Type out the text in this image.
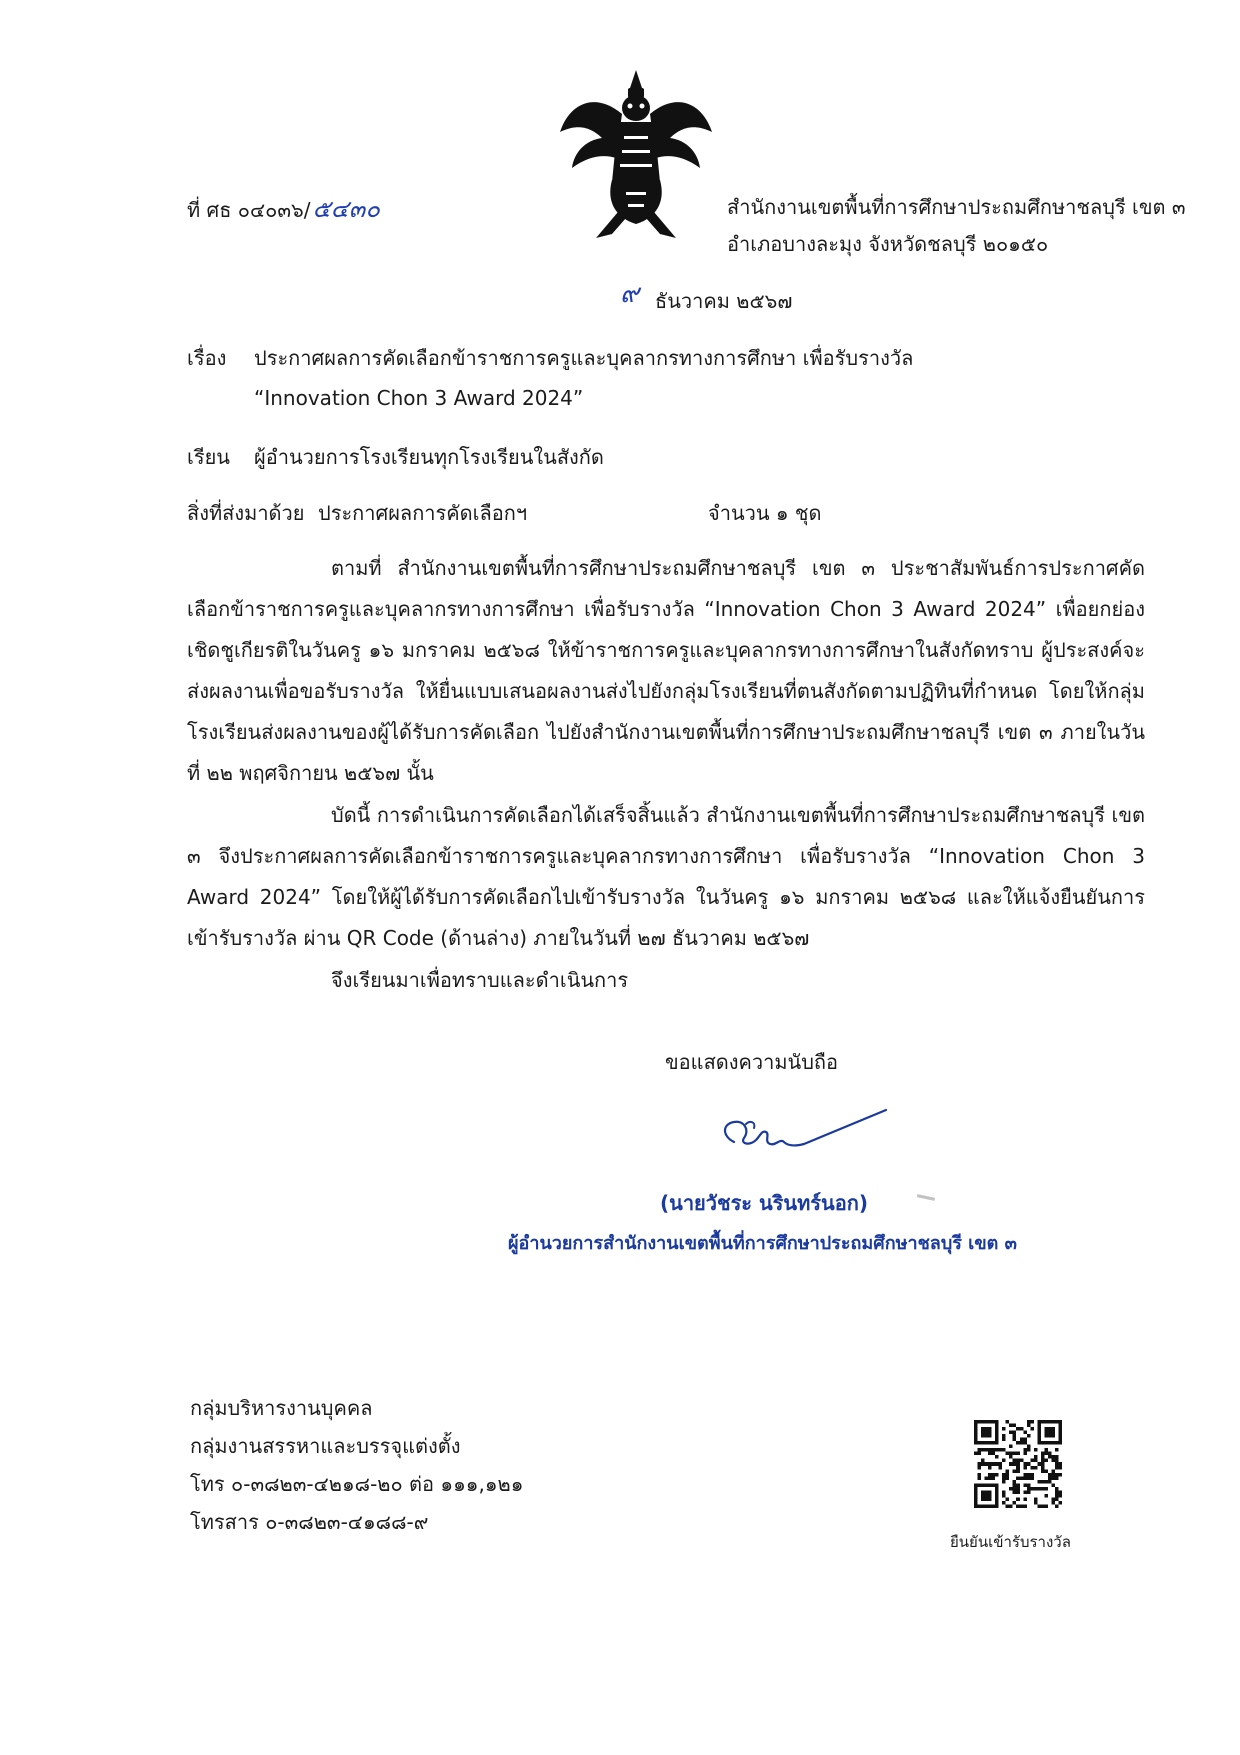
ที่ ศธ ๐๔๐๓๖/๕๔๓๐	สำนักงานเขตพื้นที่การศึกษาประถมศึกษาชลบุรี เขต ๓
อำเภอบางละมุง จังหวัดชลบุรี ๒๐๑๕๐
๙ ธันวาคม ๒๕๖๗
เรื่อง ประกาศผลการคัดเลือกข้าราชการครูและบุคลากรทางการศึกษา เพื่อรับรางวัล
“Innovation Chon 3 Award 2024”
เรียน ผู้อำนวยการโรงเรียนทุกโรงเรียนในสังกัด
สิ่งที่ส่งมาด้วย ประกาศผลการคัดเลือกฯ	จำนวน ๑ ชุด
ตามที่ สำนักงานเขตพื้นที่การศึกษาประถมศึกษาชลบุรี เขต ๓ ประชาสัมพันธ์การประกาศคัดเลือกข้าราชการครูและบุคลากรทางการศึกษา เพื่อรับรางวัล “Innovation Chon 3 Award 2024” เพื่อยกย่องเชิดชูเกียรติในวันครู ๑๖ มกราคม ๒๕๖๘ ให้ข้าราชการครูและบุคลากรทางการศึกษาในสังกัดทราบ ผู้ประสงค์จะส่งผลงานเพื่อขอรับรางวัล ให้ยื่นแบบเสนอผลงานส่งไปยังกลุ่มโรงเรียนที่ตนสังกัดตามปฏิทินที่กำหนด โดยให้กลุ่มโรงเรียนส่งผลงานของผู้ได้รับการคัดเลือก ไปยังสำนักงานเขตพื้นที่การศึกษาประถมศึกษาชลบุรี เขต ๓ ภายในวันที่ ๒๒ พฤศจิกายน ๒๕๖๗ นั้น
บัดนี้ การดำเนินการคัดเลือกได้เสร็จสิ้นแล้ว สำนักงานเขตพื้นที่การศึกษาประถมศึกษาชลบุรี เขต ๓ จึงประกาศผลการคัดเลือกข้าราชการครูและบุคลากรทางการศึกษา เพื่อรับรางวัล “Innovation Chon 3 Award 2024” โดยให้ผู้ได้รับการคัดเลือกไปเข้ารับรางวัล ในวันครู ๑๖ มกราคม ๒๕๖๘ และให้แจ้งยืนยันการเข้ารับรางวัล ผ่าน QR Code (ด้านล่าง) ภายในวันที่ ๒๗ ธันวาคม ๒๕๖๗
จึงเรียนมาเพื่อทราบและดำเนินการ
ขอแสดงความนับถือ
(นายวัชระ นรินทร์นอก)
ผู้อำนวยการสำนักงานเขตพื้นที่การศึกษาประถมศึกษาชลบุรี เขต ๓
กลุ่มบริหารงานบุคคล
กลุ่มงานสรรหาและบรรจุแต่งตั้ง
โทร ๐-๓๘๒๓-๔๒๑๘-๒๐ ต่อ ๑๑๑,๑๒๑
โทรสาร ๐-๓๘๒๓-๔๑๘๘-๙
ยืนยันเข้ารับรางวัล
